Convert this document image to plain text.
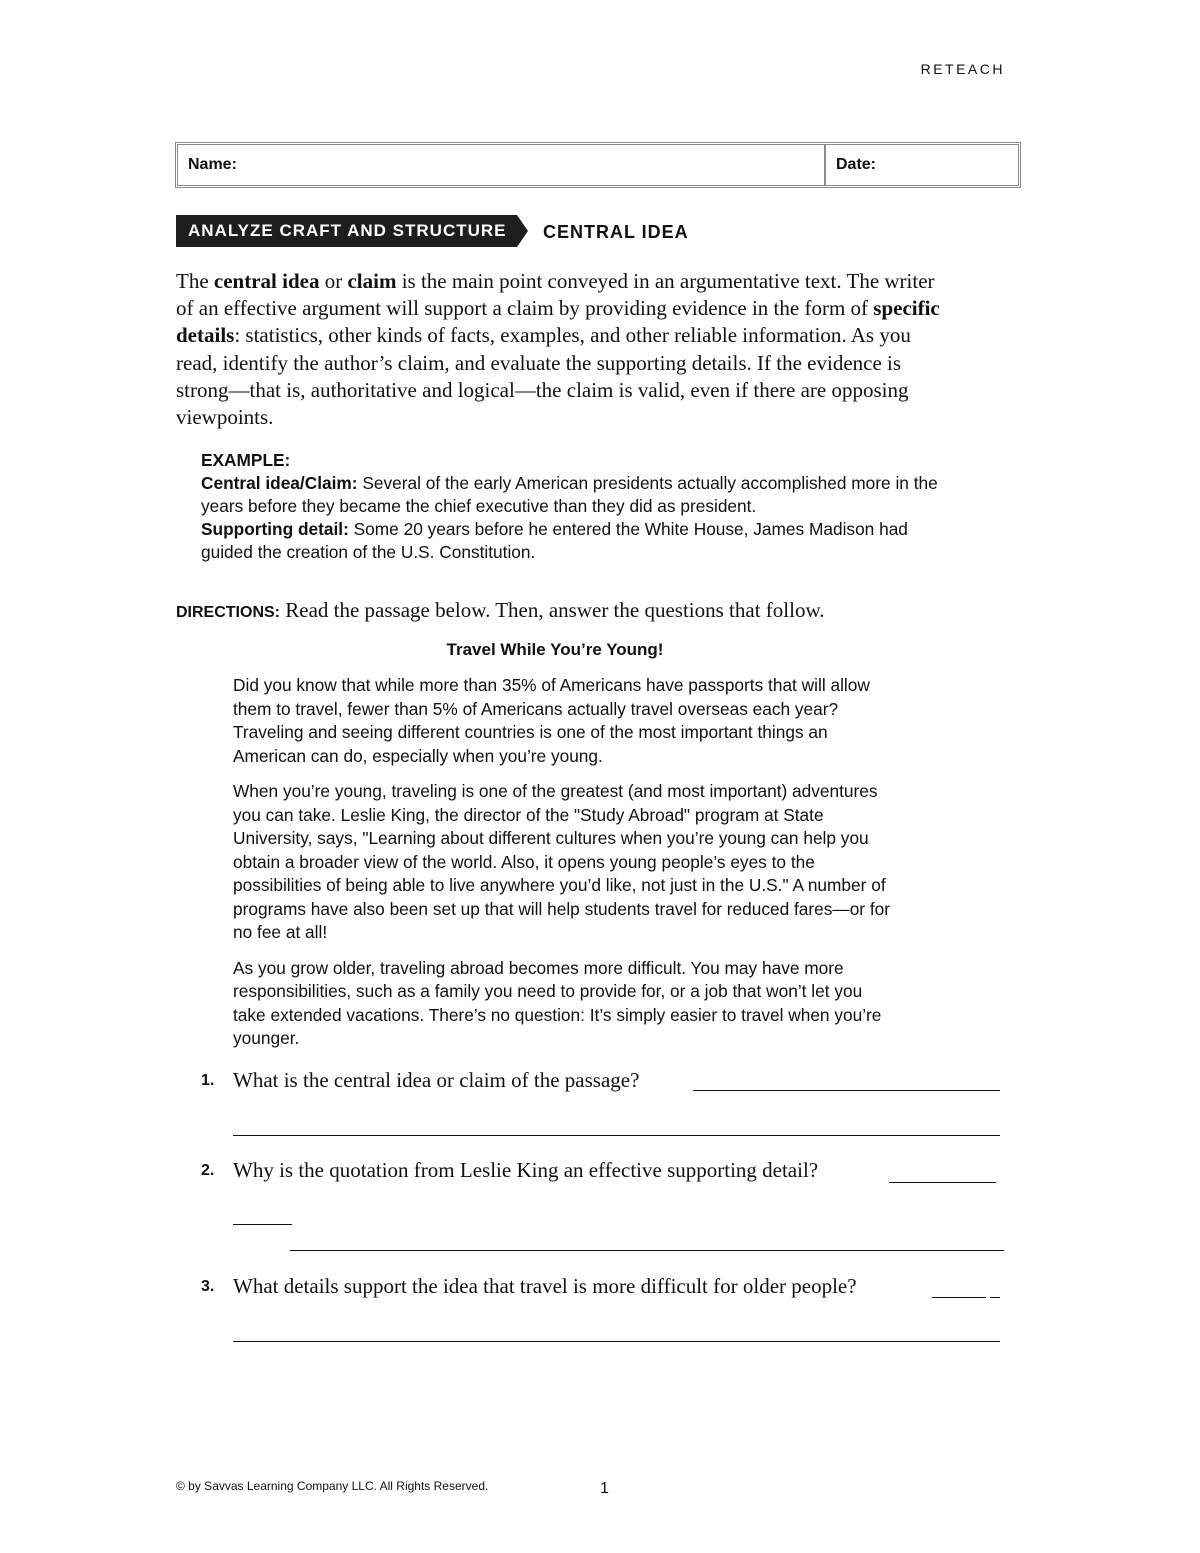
RETEACH
Name:	Date:
ANALYZE CRAFT AND STRUCTURE	CENTRAL IDEA
The central idea or claim is the main point conveyed in an argumentative text. The writer of an effective argument will support a claim by providing evidence in the form of specific details: statistics, other kinds of facts, examples, and other reliable information. As you read, identify the author’s claim, and evaluate the supporting details. If the evidence is strong—that is, authoritative and logical—the claim is valid, even if there are opposing viewpoints.
EXAMPLE:
Central idea/Claim: Several of the early American presidents actually accomplished more in the years before they became the chief executive than they did as president.
Supporting detail: Some 20 years before he entered the White House, James Madison had guided the creation of the U.S. Constitution.
DIRECTIONS: Read the passage below. Then, answer the questions that follow.
Travel While You’re Young!

Did you know that while more than 35% of Americans have passports that will allow them to travel, fewer than 5% of Americans actually travel overseas each year? Traveling and seeing different countries is one of the most important things an American can do, especially when you’re young.

When you’re young, traveling is one of the greatest (and most important) adventures you can take. Leslie King, the director of the "Study Abroad" program at State University, says, "Learning about different cultures when you’re young can help you obtain a broader view of the world. Also, it opens young people’s eyes to the possibilities of being able to live anywhere you’d like, not just in the U.S." A number of programs have also been set up that will help students travel for reduced fares—or for no fee at all!

As you grow older, traveling abroad becomes more difficult. You may have more responsibilities, such as a family you need to provide for, or a job that won’t let you take extended vacations. There’s no question: It’s simply easier to travel when you’re younger.

1. What is the central idea or claim of the passage?
2. Why is the quotation from Leslie King an effective supporting detail?
3. What details support the idea that travel is more difficult for older people?
© by Savvas Learning Company LLC. All Rights Reserved.	1
